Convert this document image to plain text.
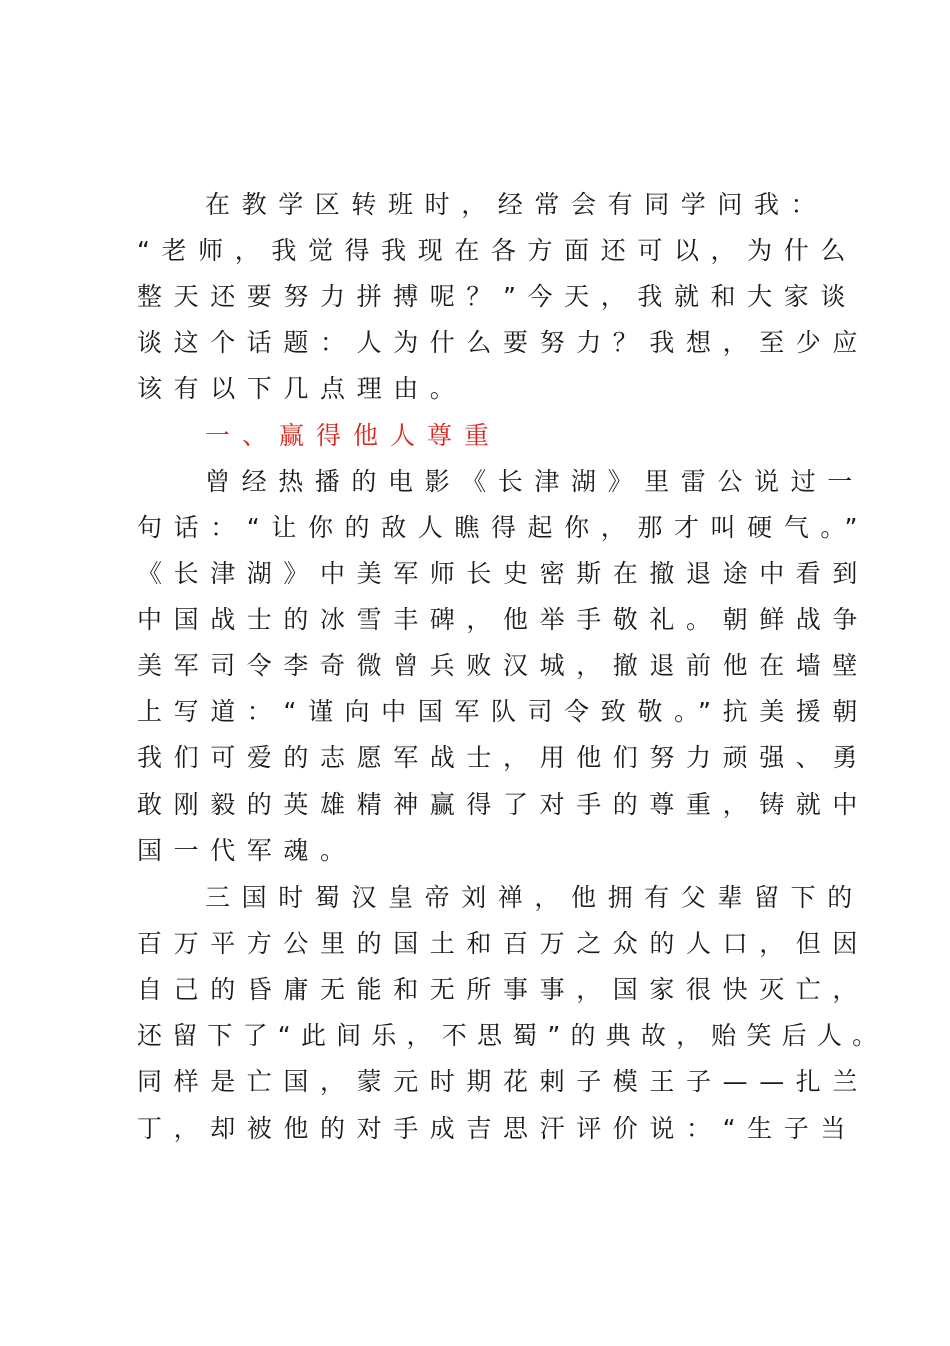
在教学区转班时，经常会有同学问我：
“老师，我觉得我现在各方面还可以，为什么
整天还要努力拼搏呢？”今天，我就和大家谈
谈这个话题：人为什么要努力？我想，至少应
该有以下几点理由。
一、赢得他人尊重
曾经热播的电影《长津湖》里雷公说过一
句话：“让你的敌人瞧得起你，那才叫硬气。”
《长津湖》中美军师长史密斯在撤退途中看到
中国战士的冰雪丰碑，他举手敬礼。朝鲜战争
美军司令李奇微曾兵败汉城，撤退前他在墙壁
上写道：“谨向中国军队司令致敬。”抗美援朝
我们可爱的志愿军战士，用他们努力顽强、勇
敢刚毅的英雄精神赢得了对手的尊重，铸就中
国一代军魂。
三国时蜀汉皇帝刘禅，他拥有父辈留下的
百万平方公里的国土和百万之众的人口，但因
自己的昏庸无能和无所事事，国家很快灭亡，
还留下了“此间乐，不思蜀”的典故，贻笑后人。
同样是亡国，蒙元时期花剌子模王子——扎兰
丁，却被他的对手成吉思汗评价说：“生子当
